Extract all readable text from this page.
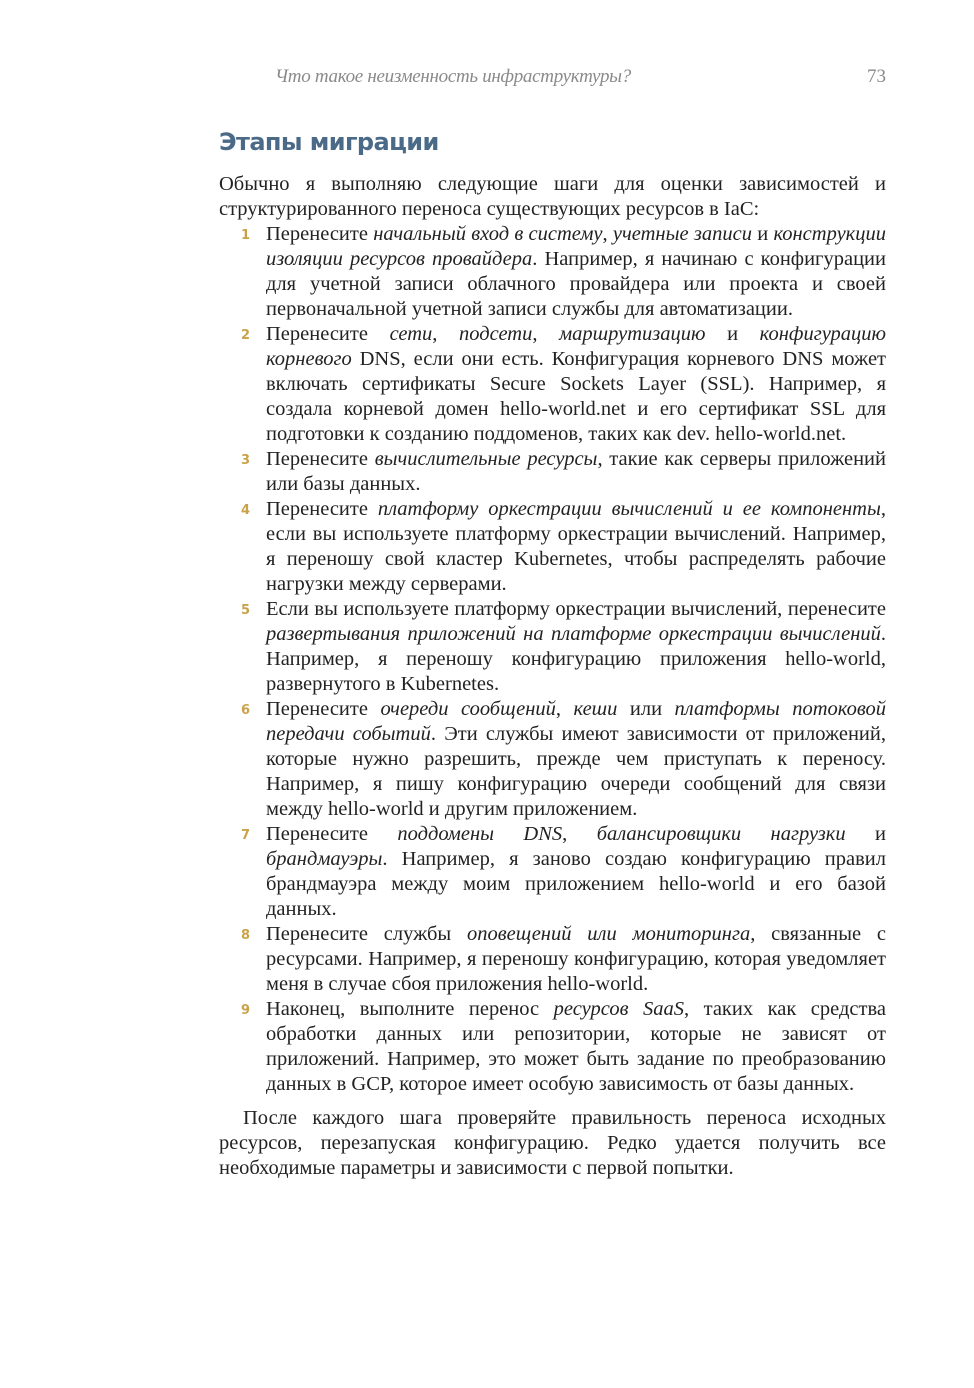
Что такое неизменность инфраструктуры?	73
Этапы миграции

Обычно я выполняю следующие шаги для оценки зависимостей и структурированного переноса существующих ресурсов в IaC:

1 Перенесите начальный вход в систему, учетные записи и конструкции изоляции ресурсов провайдера. Например, я начинаю с конфигурации для учетной записи облачного провайдера или проекта и своей первоначальной учетной записи службы для автоматизации.
2 Перенесите сети, подсети, маршрутизацию и конфигурацию корневого DNS, если они есть. Конфигурация корневого DNS может включать сертификаты Secure Sockets Layer (SSL). Например, я создала корневой домен hello-world.net и его сертификат SSL для подготовки к созданию поддоменов, таких как dev. hello-world.net.
3 Перенесите вычислительные ресурсы, такие как серверы приложений или базы данных.
4 Перенесите платформу оркестрации вычислений и ее компоненты, если вы используете платформу оркестрации вычислений. Например, я переношу свой кластер Kubernetes, чтобы распределять рабочие нагрузки между серверами.
5 Если вы используете платформу оркестрации вычислений, перенесите развертывания приложений на платформе оркестрации вычислений. Например, я переношу конфигурацию приложения hello-world, развернутого в Kubernetes.
6 Перенесите очереди сообщений, кеши или платформы потоковой передачи событий. Эти службы имеют зависимости от приложений, которые нужно разрешить, прежде чем приступать к переносу. Например, я пишу конфигурацию очереди сообщений для связи между hello-world и другим приложением.
7 Перенесите поддомены DNS, балансировщики нагрузки и брандмауэры. Например, я заново создаю конфигурацию правил брандмауэра между моим приложением hello-world и его базой данных.
8 Перенесите службы оповещений или мониторинга, связанные с ресурсами. Например, я переношу конфигурацию, которая уведомляет меня в случае сбоя приложения hello-world.
9 Наконец, выполните перенос ресурсов SaaS, таких как средства обработки данных или репозитории, которые не зависят от приложений. Например, это может быть задание по преобразованию данных в GCP, которое имеет особую зависимость от базы данных.

После каждого шага проверяйте правильность переноса исходных ресурсов, перезапуская конфигурацию. Редко удается получить все необходимые параметры и зависимости с первой попытки.
